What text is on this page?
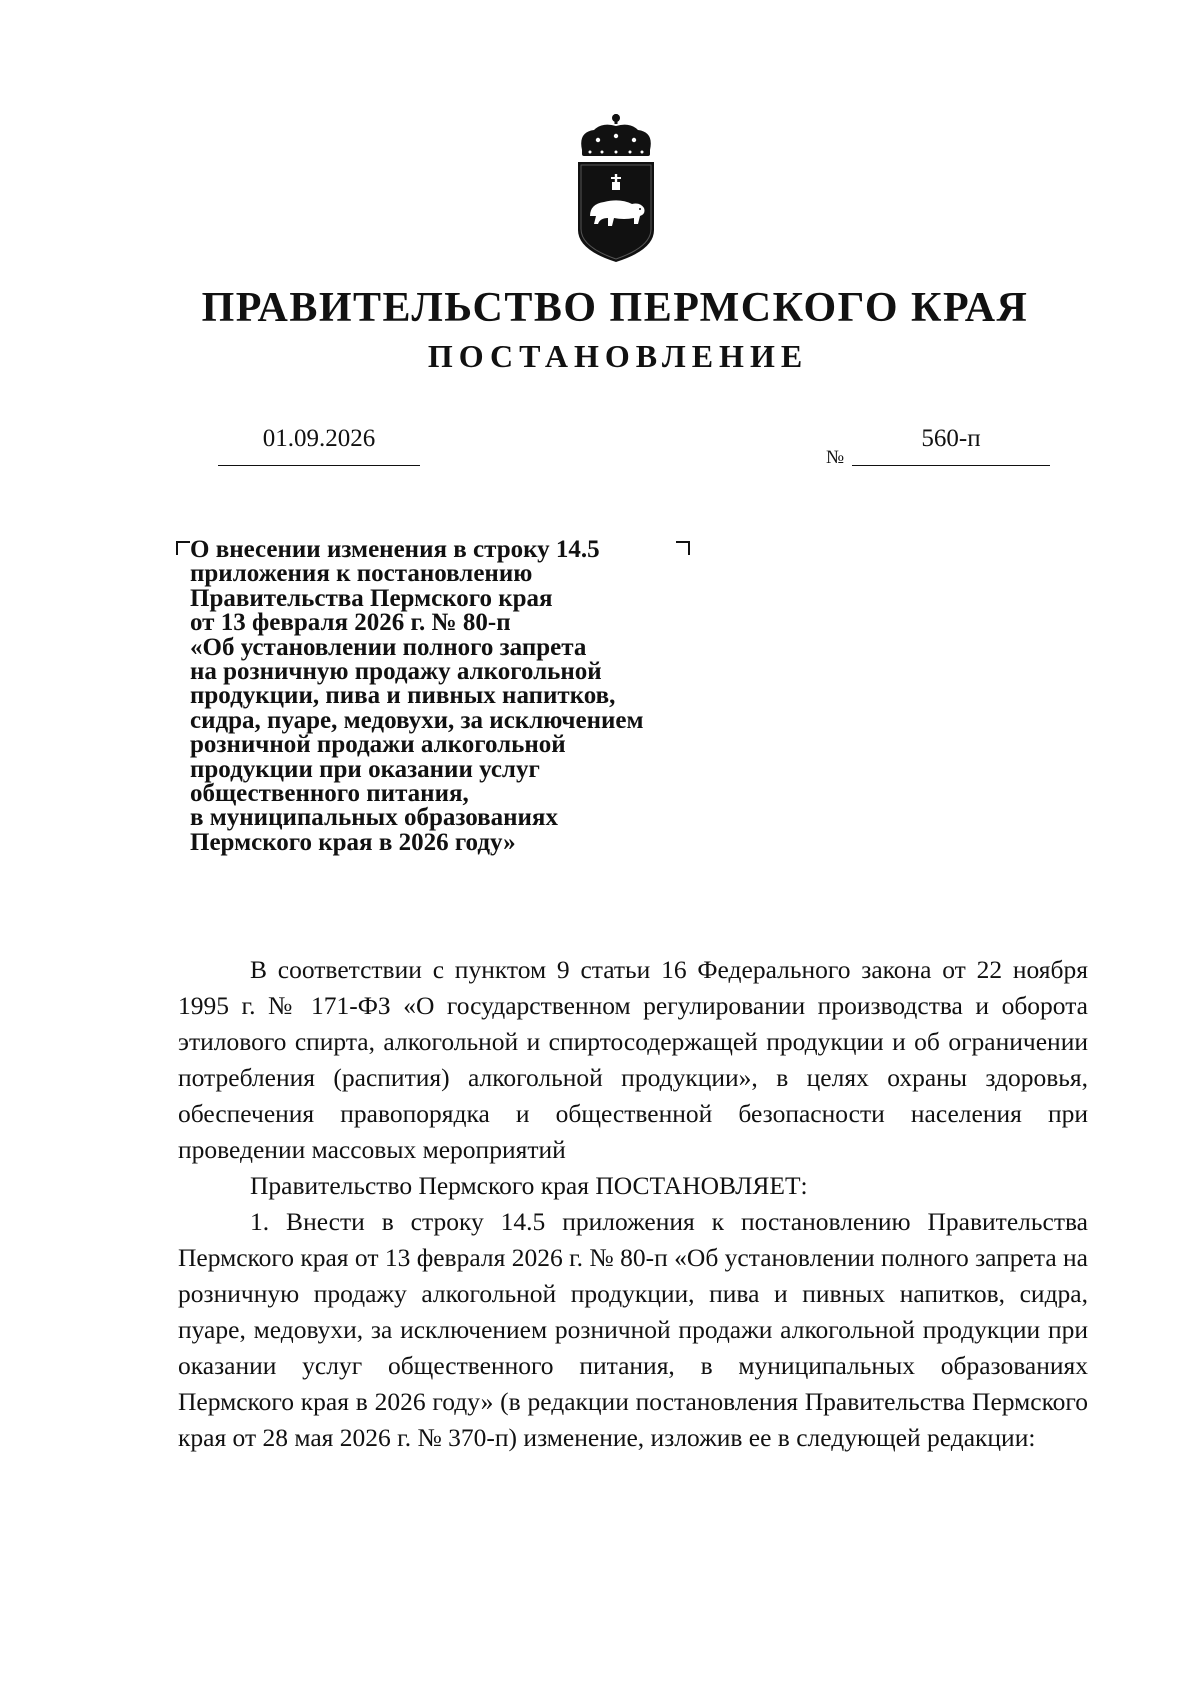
ПРАВИТЕЛЬСТВО ПЕРМСКОГО КРАЯ
ПОСТАНОВЛЕНИЕ
01.09.2026
№
560-п
О внесении изменения в строку 14.5
приложения к постановлению
Правительства Пермского края
от 13 февраля 2026 г. № 80-п
«Об установлении полного запрета
на розничную продажу алкогольной
продукции, пива и пивных напитков,
сидра, пуаре, медовухи, за исключением
розничной продажи алкогольной
продукции при оказании услуг
общественного питания,
в муниципальных образованиях
Пермского края в 2026 году»

В соответствии с пунктом 9 статьи 16 Федерального закона от 22 ноября 1995 г. № 171-ФЗ «О государственном регулировании производства и оборота этилового спирта, алкогольной и спиртосодержащей продукции и об ограничении потребления (распития) алкогольной продукции», в целях охраны здоровья, обеспечения правопорядка и общественной безопасности населения при проведении массовых мероприятий

Правительство Пермского края ПОСТАНОВЛЯЕТ:

1. Внести в строку 14.5 приложения к постановлению Правительства Пермского края от 13 февраля 2026 г. № 80-п «Об установлении полного запрета на розничную продажу алкогольной продукции, пива и пивных напитков, сидра, пуаре, медовухи, за исключением розничной продажи алкогольной продукции при оказании услуг общественного питания, в муниципальных образованиях Пермского края в 2026 году» (в редакции постановления Правительства Пермского края от 28 мая 2026 г. № 370-п) изменение, изложив ее в следующей редакции:
